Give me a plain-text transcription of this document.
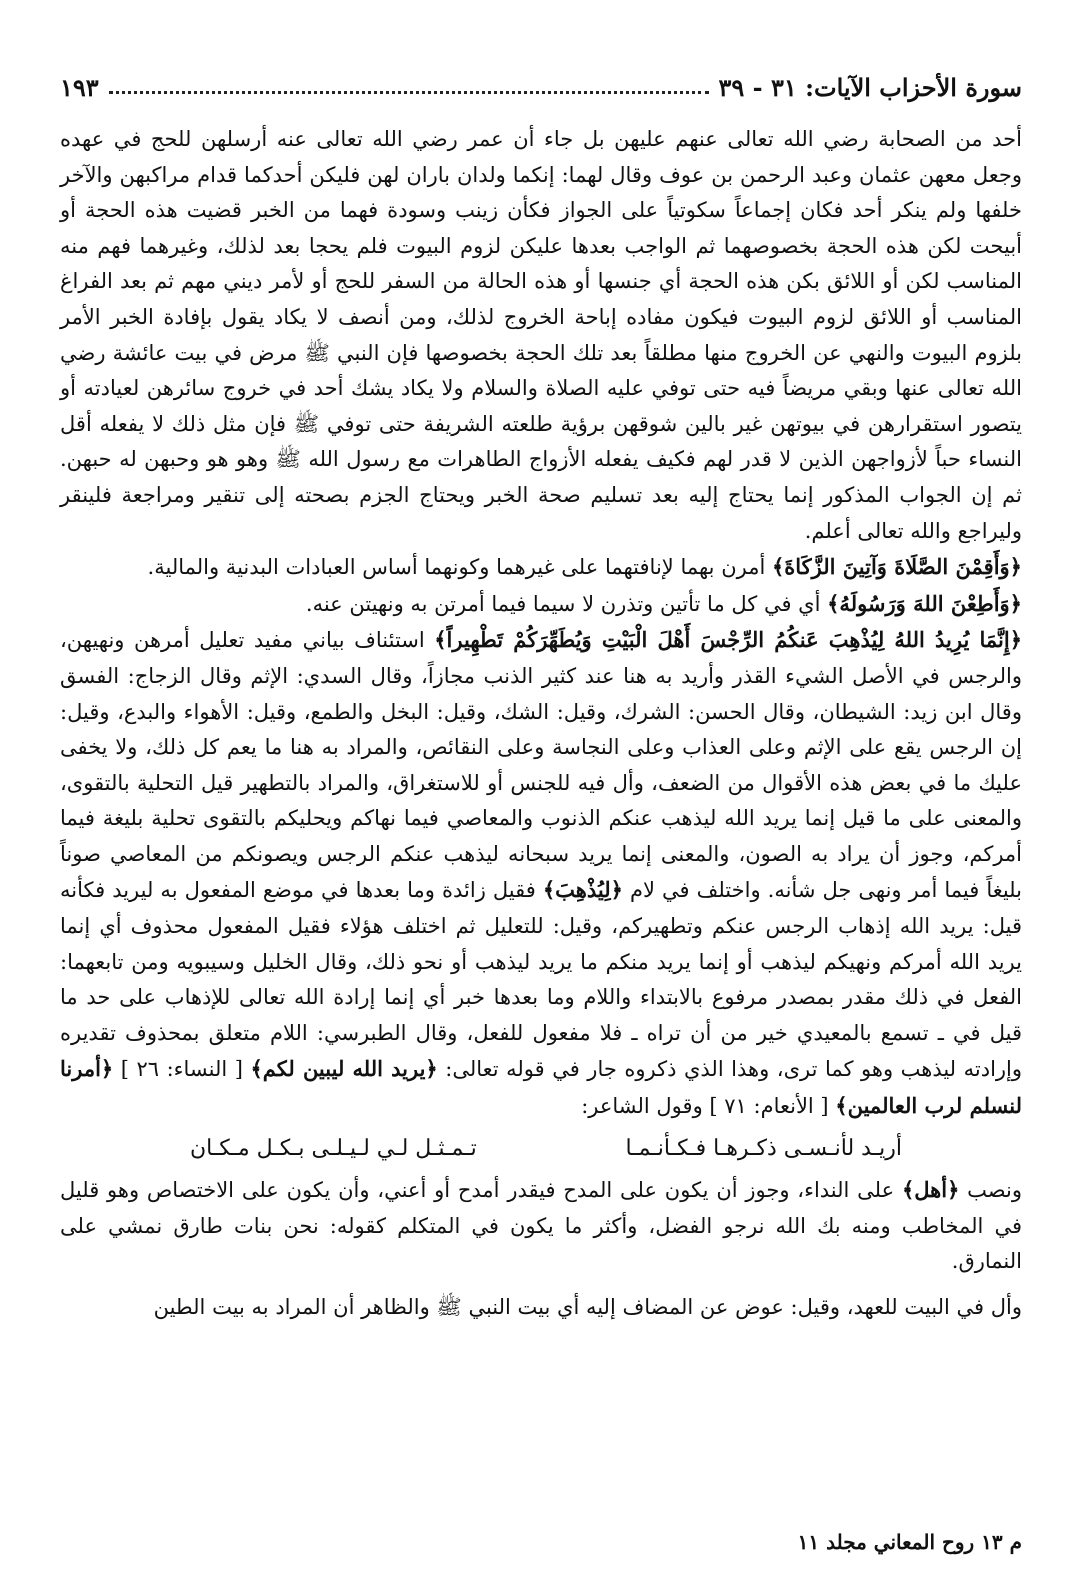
سورة الأحزاب الآيات: ٣١ - ٣٩
١٩٣

أحد من الصحابة رضي الله تعالى عنهم عليهن بل جاء أن عمر رضي الله تعالى عنه أرسلهن للحج في عهده وجعل معهن عثمان وعبد الرحمن بن عوف وقال لهما: إنكما ولدان باران لهن فليكن أحدكما قدام مراكبهن والآخر خلفها ولم ينكر أحد فكان إجماعاً سكوتياً على الجواز فكأن زينب وسودة فهما من الخبر قضيت هذه الحجة أو أبيحت لكن هذه الحجة بخصوصهما ثم الواجب بعدها عليكن لزوم البيوت فلم يحجا بعد لذلك، وغيرهما فهم منه المناسب لكن أو اللائق بكن هذه الحجة أي جنسها أو هذه الحالة من السفر للحج أو لأمر ديني مهم ثم بعد الفراغ المناسب أو اللائق لزوم البيوت فيكون مفاده إباحة الخروج لذلك، ومن أنصف لا يكاد يقول بإفادة الخبر الأمر بلزوم البيوت والنهي عن الخروج منها مطلقاً بعد تلك الحجة بخصوصها فإن النبي ﷺ مرض في بيت عائشة رضي الله تعالى عنها وبقي مريضاً فيه حتى توفي عليه الصلاة والسلام ولا يكاد يشك أحد في خروج سائرهن لعيادته أو يتصور استقرارهن في بيوتهن غير بالين شوقهن برؤية طلعته الشريفة حتى توفي ﷺ فإن مثل ذلك لا يفعله أقل النساء حباً لأزواجهن الذين لا قدر لهم فكيف يفعله الأزواج الطاهرات مع رسول الله ﷺ وهو هو وحبهن له حبهن. ثم إن الجواب المذكور إنما يحتاج إليه بعد تسليم صحة الخبر ويحتاج الجزم بصحته إلى تنقير ومراجعة فلينقر وليراجع والله تعالى أعلم.

﴿وَأَقِمْنَ الصَّلَاةَ وَآتِينَ الزَّكَاةَ﴾ أمرن بهما لإنافتهما على غيرهما وكونهما أساس العبادات البدنية والمالية.

﴿وَأَطِعْنَ اللهَ وَرَسُولَهُ﴾ أي في كل ما تأتين وتذرن لا سيما فيما أمرتن به ونهيتن عنه.

﴿إِنَّمَا يُرِيدُ اللهُ لِيُذْهِبَ عَنكُمُ الرِّجْسَ أَهْلَ الْبَيْتِ وَيُطَهِّرَكُمْ تَطْهِيراً﴾ استئناف بياني مفيد تعليل أمرهن ونهيهن، والرجس في الأصل الشيء القذر وأريد به هنا عند كثير الذنب مجازاً، وقال السدي: الإثم وقال الزجاج: الفسق وقال ابن زيد: الشيطان، وقال الحسن: الشرك، وقيل: الشك، وقيل: البخل والطمع، وقيل: الأهواء والبدع، وقيل: إن الرجس يقع على الإثم وعلى العذاب وعلى النجاسة وعلى النقائص، والمراد به هنا ما يعم كل ذلك، ولا يخفى عليك ما في بعض هذه الأقوال من الضعف، وأل فيه للجنس أو للاستغراق، والمراد بالتطهير قيل التحلية بالتقوى، والمعنى على ما قيل إنما يريد الله ليذهب عنكم الذنوب والمعاصي فيما نهاكم ويحليكم بالتقوى تحلية بليغة فيما أمركم، وجوز أن يراد به الصون، والمعنى إنما يريد سبحانه ليذهب عنكم الرجس ويصونكم من المعاصي صوناً بليغاً فيما أمر ونهى جل شأنه. واختلف في لام ﴿لِيُذْهِبَ﴾ فقيل زائدة وما بعدها في موضع المفعول به ليريد فكأنه قيل: يريد الله إذهاب الرجس عنكم وتطهيركم، وقيل: للتعليل ثم اختلف هؤلاء فقيل المفعول محذوف أي إنما يريد الله أمركم ونهيكم ليذهب أو إنما يريد منكم ما يريد ليذهب أو نحو ذلك، وقال الخليل وسيبويه ومن تابعهما: الفعل في ذلك مقدر بمصدر مرفوع بالابتداء واللام وما بعدها خبر أي إنما إرادة الله تعالى للإذهاب على حد ما قيل في ـ تسمع بالمعيدي خير من أن تراه ـ فلا مفعول للفعل، وقال الطبرسي: اللام متعلق بمحذوف تقديره وإرادته ليذهب وهو كما ترى، وهذا الذي ذكروه جار في قوله تعالى: ﴿يريد الله ليبين لكم﴾ [ النساء: ٢٦ ] ﴿أمرنا لنسلم لرب العالمين﴾ [ الأنعام: ٧١ ] وقول الشاعر:

أريـد لأنـسـى ذكـرهـا فـكـأنـمـا
تـمـثـل لـي لـيـلـى بـكـل مـكـان

ونصب ﴿أهل﴾ على النداء، وجوز أن يكون على المدح فيقدر أمدح أو أعني، وأن يكون على الاختصاص وهو قليل في المخاطب ومنه بك الله نرجو الفضل، وأكثر ما يكون في المتكلم كقوله: نحن بنات طارق نمشي على النمارق.

وأل في البيت للعهد، وقيل: عوض عن المضاف إليه أي بيت النبي ﷺ والظاهر أن المراد به بيت الطين

م ١٣ روح المعاني مجلد ١١
